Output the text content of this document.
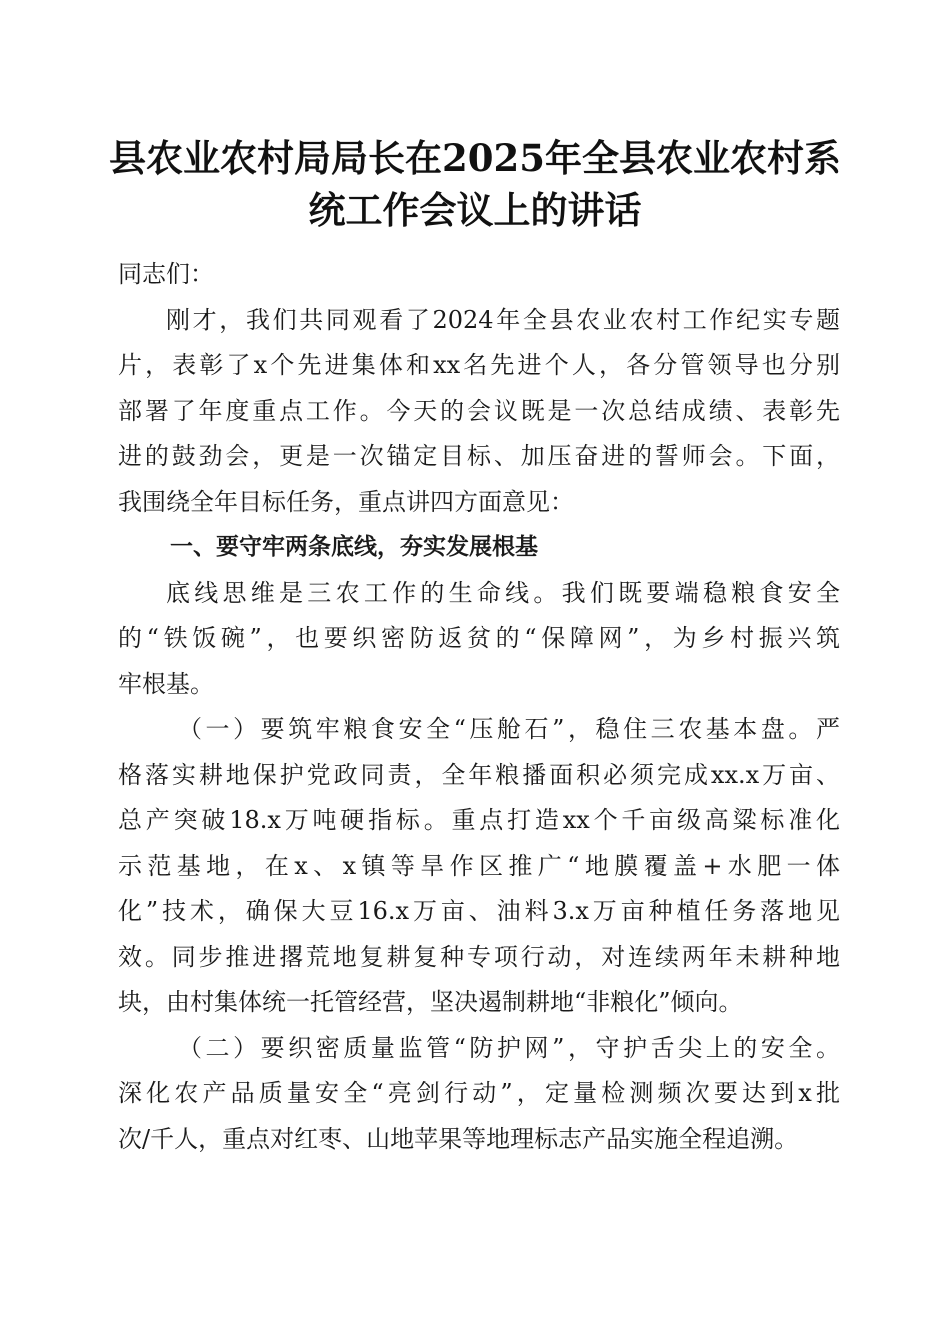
县农业农村局局长在2025年全县农业农村系
统工作会议上的讲话
同志们：
刚才，我们共同观看了2024年全县农业农村工作纪实专题
片，表彰了x个先进集体和xx名先进个人，各分管领导也分别
部署了年度重点工作。今天的会议既是一次总结成绩、表彰先
进的鼓劲会，更是一次锚定目标、加压奋进的誓师会。下面，
我围绕全年目标任务，重点讲四方面意见：
一、要守牢两条底线，夯实发展根基
底线思维是三农工作的生命线。我们既要端稳粮食安全
的“铁饭碗”，也要织密防返贫的“保障网”，为乡村振兴筑
牢根基。
（一）要筑牢粮食安全“压舱石”，稳住三农基本盘。严
格落实耕地保护党政同责，全年粮播面积必须完成xx.x万亩、
总产突破18.x万吨硬指标。重点打造xx个千亩级高粱标准化
示范基地，在x、x镇等旱作区推广“地膜覆盖+水肥一体
化”技术，确保大豆16.x万亩、油料3.x万亩种植任务落地见
效。同步推进撂荒地复耕复种专项行动，对连续两年未耕种地
块，由村集体统一托管经营，坚决遏制耕地“非粮化”倾向。
（二）要织密质量监管“防护网”，守护舌尖上的安全。
深化农产品质量安全“亮剑行动”，定量检测频次要达到x批
次/千人，重点对红枣、山地苹果等地理标志产品实施全程追溯。
